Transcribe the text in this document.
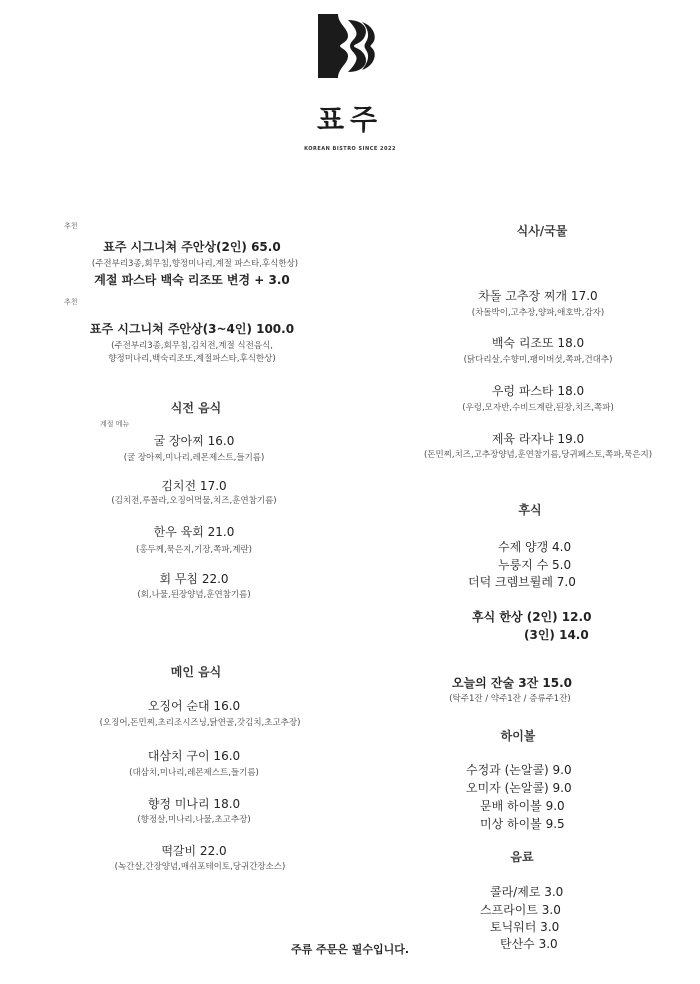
표주
KOREAN BISTRO SINCE 2022
추천
표주 시그니쳐 주안상(2인) 65.0
(주전부리3종,회무침,향정미나리,계절 파스타,후식한상)
계절 파스타 백숙 리조또 변경 + 3.0
추천
표주 시그니쳐 주안상(3~4인) 100.0
(주전부리3종,회무침,김치전,계절 식전음식,
향정미나리,백숙리조또,계절파스타,후식한상)
식전 음식
계절 메뉴
굴 장아찌 16.0
(굴 장아찌,미나리,레몬제스트,들기름)
김치전 17.0
(김치전,루꼴라,오징어먹물,치즈,훈연참기름)
한우 육회 21.0
(홍두께,묵은지,기장,쪽파,계란)
회 무침 22.0
(회,나물,된장양념,훈연참기름)
메인 음식
오징어 순대 16.0
(오징어,돈민찌,초리조시즈닝,닭연골,갓김치,초고추장)
대삼치 구이 16.0
(대삼치,미나리,레몬제스트,들기름)
향정 미나리 18.0
(향정살,미나리,나물,초고추장)
떡갈비 22.0
(녹간살,간장양념,매쉬포테이토,당귀간장소스)
식사/국물
차돌 고추장 찌개 17.0
(차돌박이,고추장,양파,애호박,감자)
백숙 리조또 18.0
(닭다리살,수향미,팽이버섯,쪽파,건대추)
우렁 파스타 18.0
(우렁,모자반,수비드계란,된장,치즈,쪽파)
제육 라자냐 19.0
(돈민찌,치즈,고추장양념,훈연참기름,당귀페스토,쪽파,묵은지)
후식
수제 양갱 4.0
누룽지 수 5.0
더덕 크렘브륄레 7.0
후식 한상 (2인) 12.0
(3인) 14.0
오늘의 잔술 3잔 15.0
(탁주1잔 / 약주1잔 / 증류주1잔)
하이볼
수정과 (논알콜) 9.0
오미자 (논알콜) 9.0
문배 하이볼 9.0
미상 하이볼 9.5
음료
콜라/제로 3.0
스프라이트 3.0
토닉워터 3.0
탄산수 3.0
주류 주문은 필수입니다.
